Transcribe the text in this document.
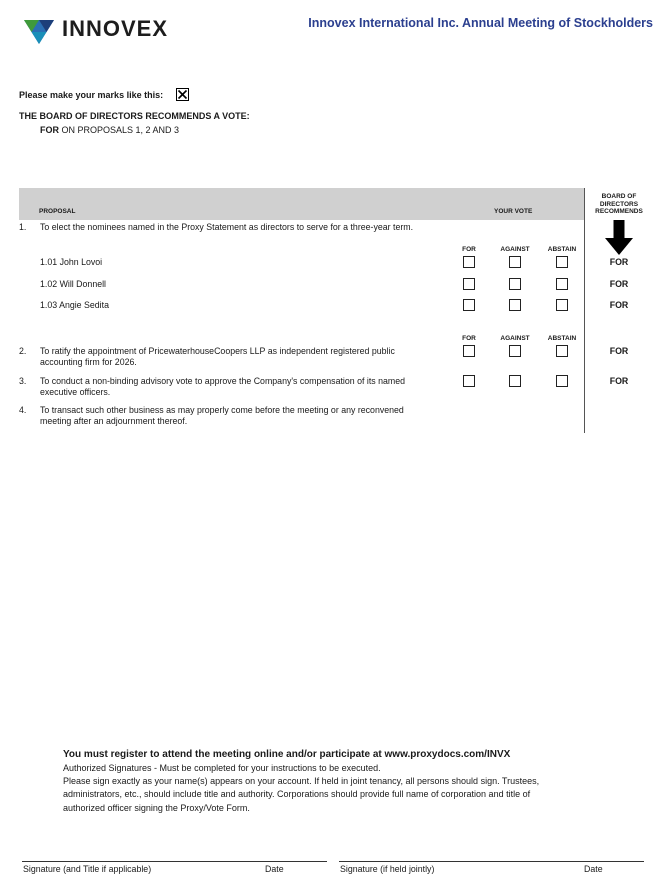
INNOVEX	Innovex International Inc. Annual Meeting of Stockholders
Please make your marks like this:
THE BOARD OF DIRECTORS RECOMMENDS A VOTE:
FOR ON PROPOSALS 1, 2 AND 3
PROPOSAL	YOUR VOTE
BOARD OF
DIRECTORS
RECOMMENDS
1. To elect the nominees named in the Proxy Statement as directors to serve for a three-year term.
FOR	AGAINST	ABSTAIN
1.01 John Lovoi	FOR
1.02 Will Donnell	FOR
1.03 Angie Sedita	FOR
FOR	AGAINST	ABSTAIN
2. To ratify the appointment of PricewaterhouseCoopers LLP as independent registered public
accounting firm for 2026.
FOR
3. To conduct a non-binding advisory vote to approve the Company's compensation of its named
executive officers.
FOR
4. To transact such other business as may properly come before the meeting or any reconvened
meeting after an adjournment thereof.
You must register to attend the meeting online and/or participate at www.proxydocs.com/INVX
Authorized Signatures - Must be completed for your instructions to be executed.
Please sign exactly as your name(s) appears on your account. If held in joint tenancy, all persons should sign. Trustees,
administrators, etc., should include title and authority. Corporations should provide full name of corporation and title of
authorized officer signing the Proxy/Vote Form.
Signature (and Title if applicable)	Date	Signature (if held jointly)	Date
